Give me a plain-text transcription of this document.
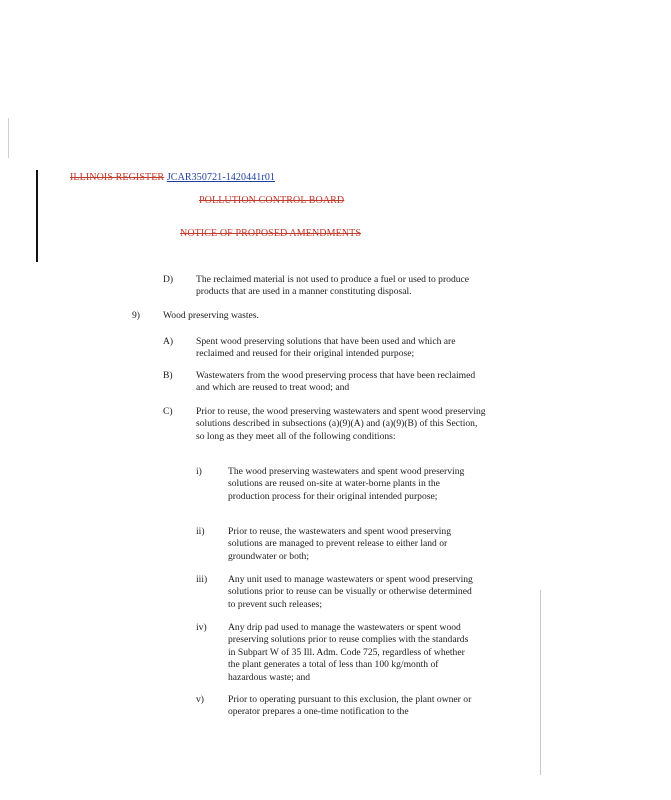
ILLINOIS REGISTER JCAR350721-1420441r01
POLLUTION CONTROL BOARD
NOTICE OF PROPOSED AMENDMENTS
D) The reclaimed material is not used to produce a fuel or used to produce products that are used in a manner constituting disposal.
9) Wood preserving wastes.
A) Spent wood preserving solutions that have been used and which are reclaimed and reused for their original intended purpose;
B) Wastewaters from the wood preserving process that have been reclaimed and which are reused to treat wood; and
C) Prior to reuse, the wood preserving wastewaters and spent wood preserving solutions described in subsections (a)(9)(A) and (a)(9)(B) of this Section, so long as they meet all of the following conditions:
i)	The wood preserving wastewaters and spent wood preserving solutions are reused on-site at water-borne plants in the production process for their original intended purpose;
ii) Prior to reuse, the wastewaters and spent wood preserving solutions are managed to prevent release to either land or groundwater or both;
iii) Any unit used to manage wastewaters or spent wood preserving solutions prior to reuse can be visually or otherwise determined to prevent such releases;
iv) Any drip pad used to manage the wastewaters or spent wood preserving solutions prior to reuse complies with the standards in Subpart W of 35 Ill. Adm. Code 725, regardless of whether the plant generates a total of less than 100 kg/month of hazardous waste; and
v)	Prior to operating pursuant to this exclusion, the plant owner or operator prepares a one-time notification to the
